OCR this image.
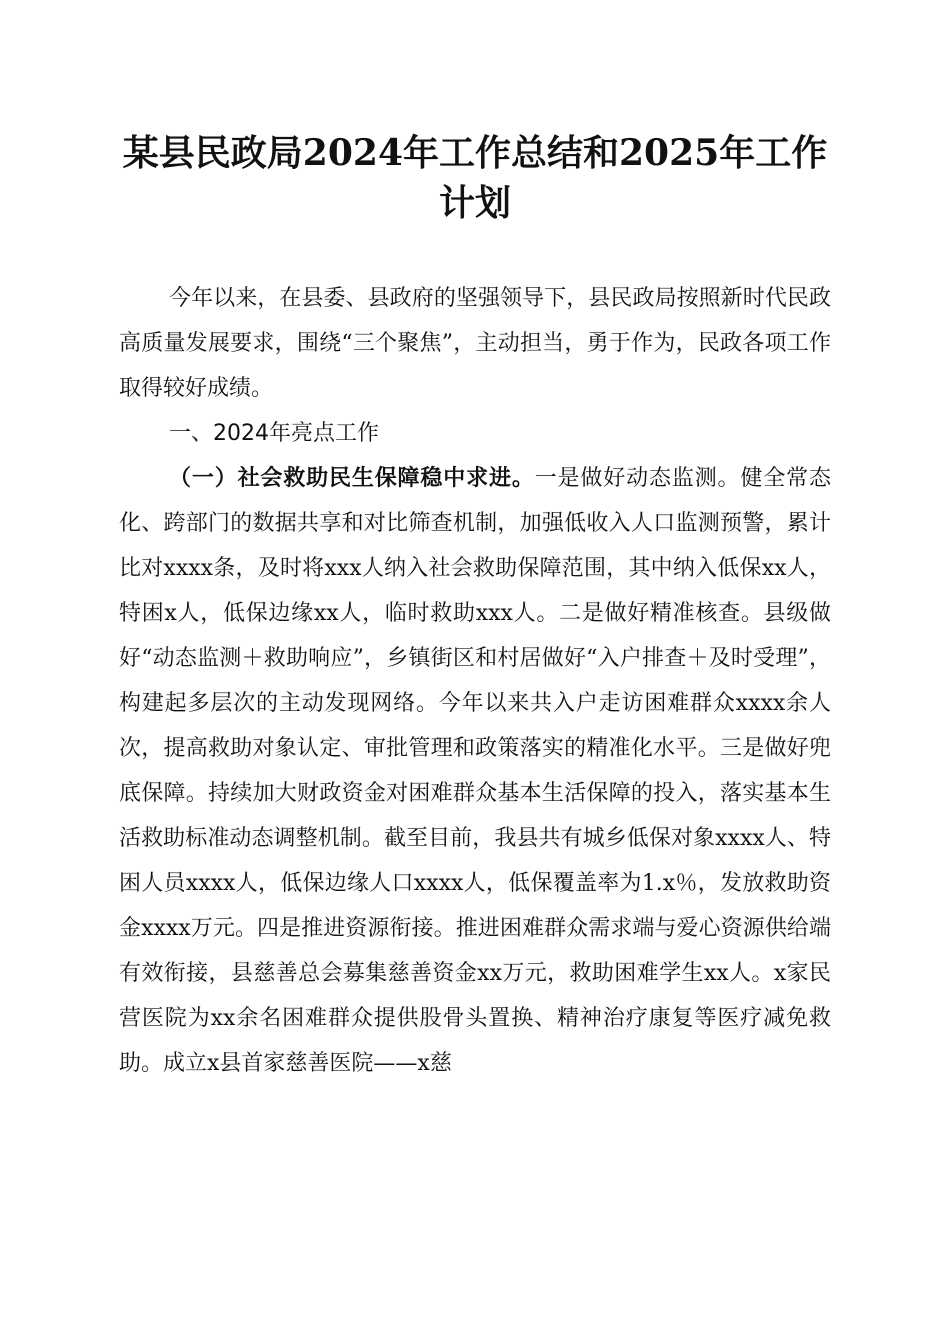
某县民政局2024年工作总结和2025年工作计划

今年以来，在县委、县政府的坚强领导下，县民政局按照新时代民政高质量发展要求，围绕“三个聚焦”，主动担当，勇于作为，民政各项工作取得较好成绩。

一、2024年亮点工作

（一）社会救助民生保障稳中求进。一是做好动态监测。健全常态化、跨部门的数据共享和对比筛查机制，加强低收入人口监测预警，累计比对xxxx条，及时将xxx人纳入社会救助保障范围，其中纳入低保xx人，特困x人，低保边缘xx人，临时救助xxx人。二是做好精准核查。县级做好“动态监测＋救助响应”，乡镇街区和村居做好“入户排查＋及时受理”，构建起多层次的主动发现网络。今年以来共入户走访困难群众xxxx余人次，提高救助对象认定、审批管理和政策落实的精准化水平。三是做好兜底保障。持续加大财政资金对困难群众基本生活保障的投入，落实基本生活救助标准动态调整机制。截至目前，我县共有城乡低保对象xxxx人、特困人员xxxx人，低保边缘人口xxxx人，低保覆盖率为1.x％，发放救助资金xxxx万元。四是推进资源衔接。推进困难群众需求端与爱心资源供给端有效衔接，县慈善总会募集慈善资金xx万元，救助困难学生xx人。x家民营医院为xx余名困难群众提供股骨头置换、精神治疗康复等医疗减免救助。成立x县首家慈善医院——x慈
